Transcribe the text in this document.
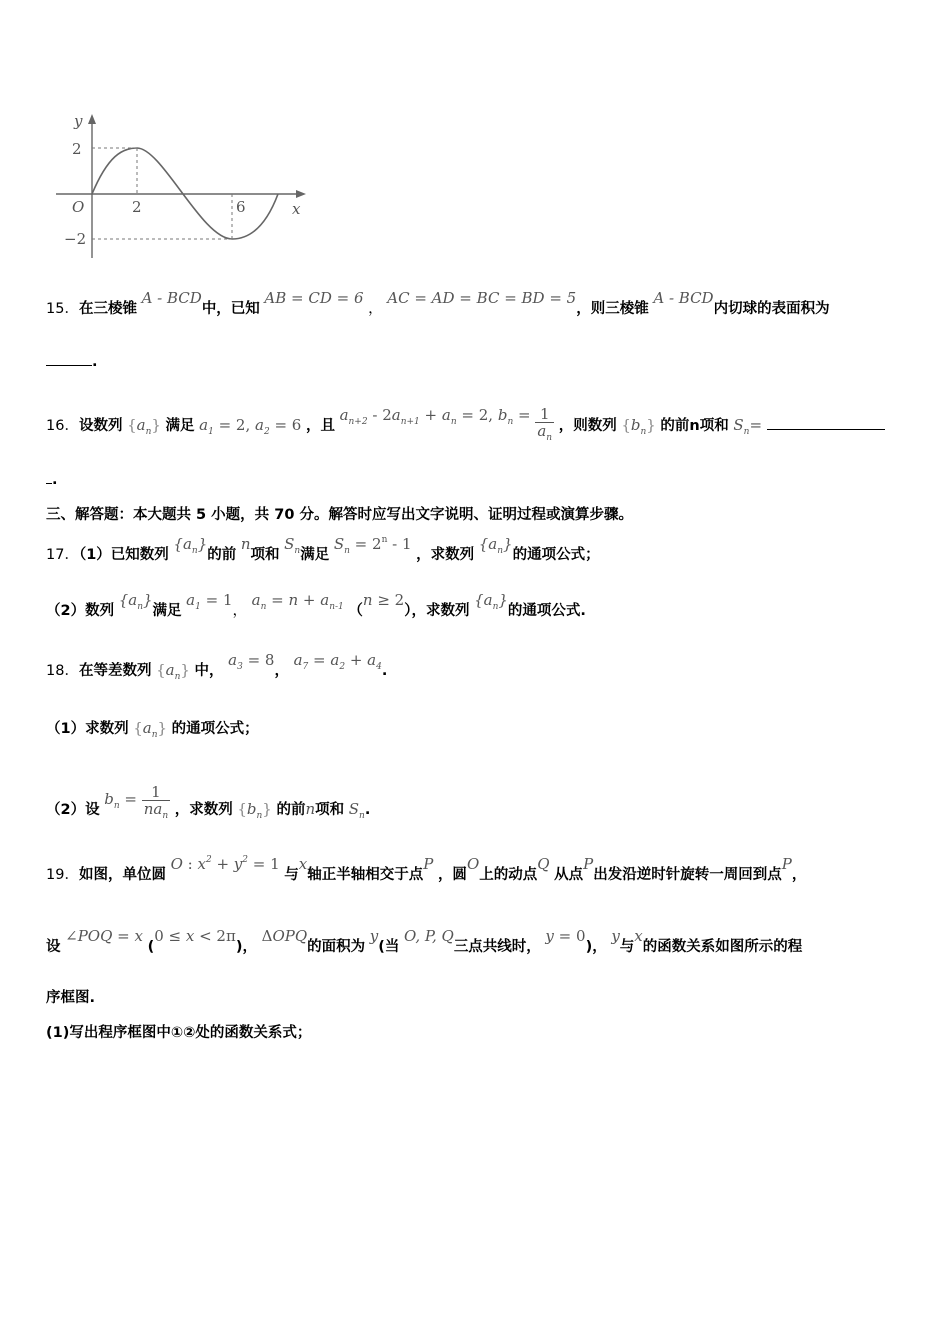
y
x
O
2
−2
2	6
15．在三棱锥 A - BCD中，已知 AB = CD = 6 ， AC = AD = BC = BD = 5，则三棱锥 A - BCD内切球的表面积为
.
16．设数列 $\{a_n\}$ 满足 $a_1 = 2$, $a_2 = 6$ ，且 $a_{n+2} - 2a_{n+1} + a_n = 2$, $b_n = \frac{1}{a_n}$ ，则数列 $\{b_n\}$ 的前n项和 $S_n=$
.
三、解答题：本大题共 5 小题，共 70 分。解答时应写出文字说明、证明过程或演算步骤。
17．（1）已知数列 $\{a_n\}$的前 n项和 $S_n$满足 $S_n = 2^n - 1$ ，求数列 $\{a_n\}$的通项公式；
（2）数列 $\{a_n\}$满足 $a_1 = 1$， $a_n = n + a_{n-1}$ （n ≥ 2），求数列 $\{a_n\}$的通项公式.
18．在等差数列 $\{a_n\}$ 中， $a_3 = 8$， $a_7 = a_2 + a_4$.
（1）求数列 $\{a_n\}$ 的通项公式；
（2）设 $b_n = \frac{1}{na_n}$ ，求数列 $\{b_n\}$ 的前n项和 $S_n$.
19．如图，单位圆 O : $x^2 + y^2 = 1$ 与x轴正半轴相交于点P ，圆O上的动点Q 从点P出发沿逆时针旋转一周回到点P，
设 ∠POQ = x (0 ≤ x < 2π)， ΔOPQ的面积为 y(当 O, P, Q三点共线时， y = 0)， y与x的函数关系如图所示的程
序框图.
(1)写出程序框图中①②处的函数关系式；
